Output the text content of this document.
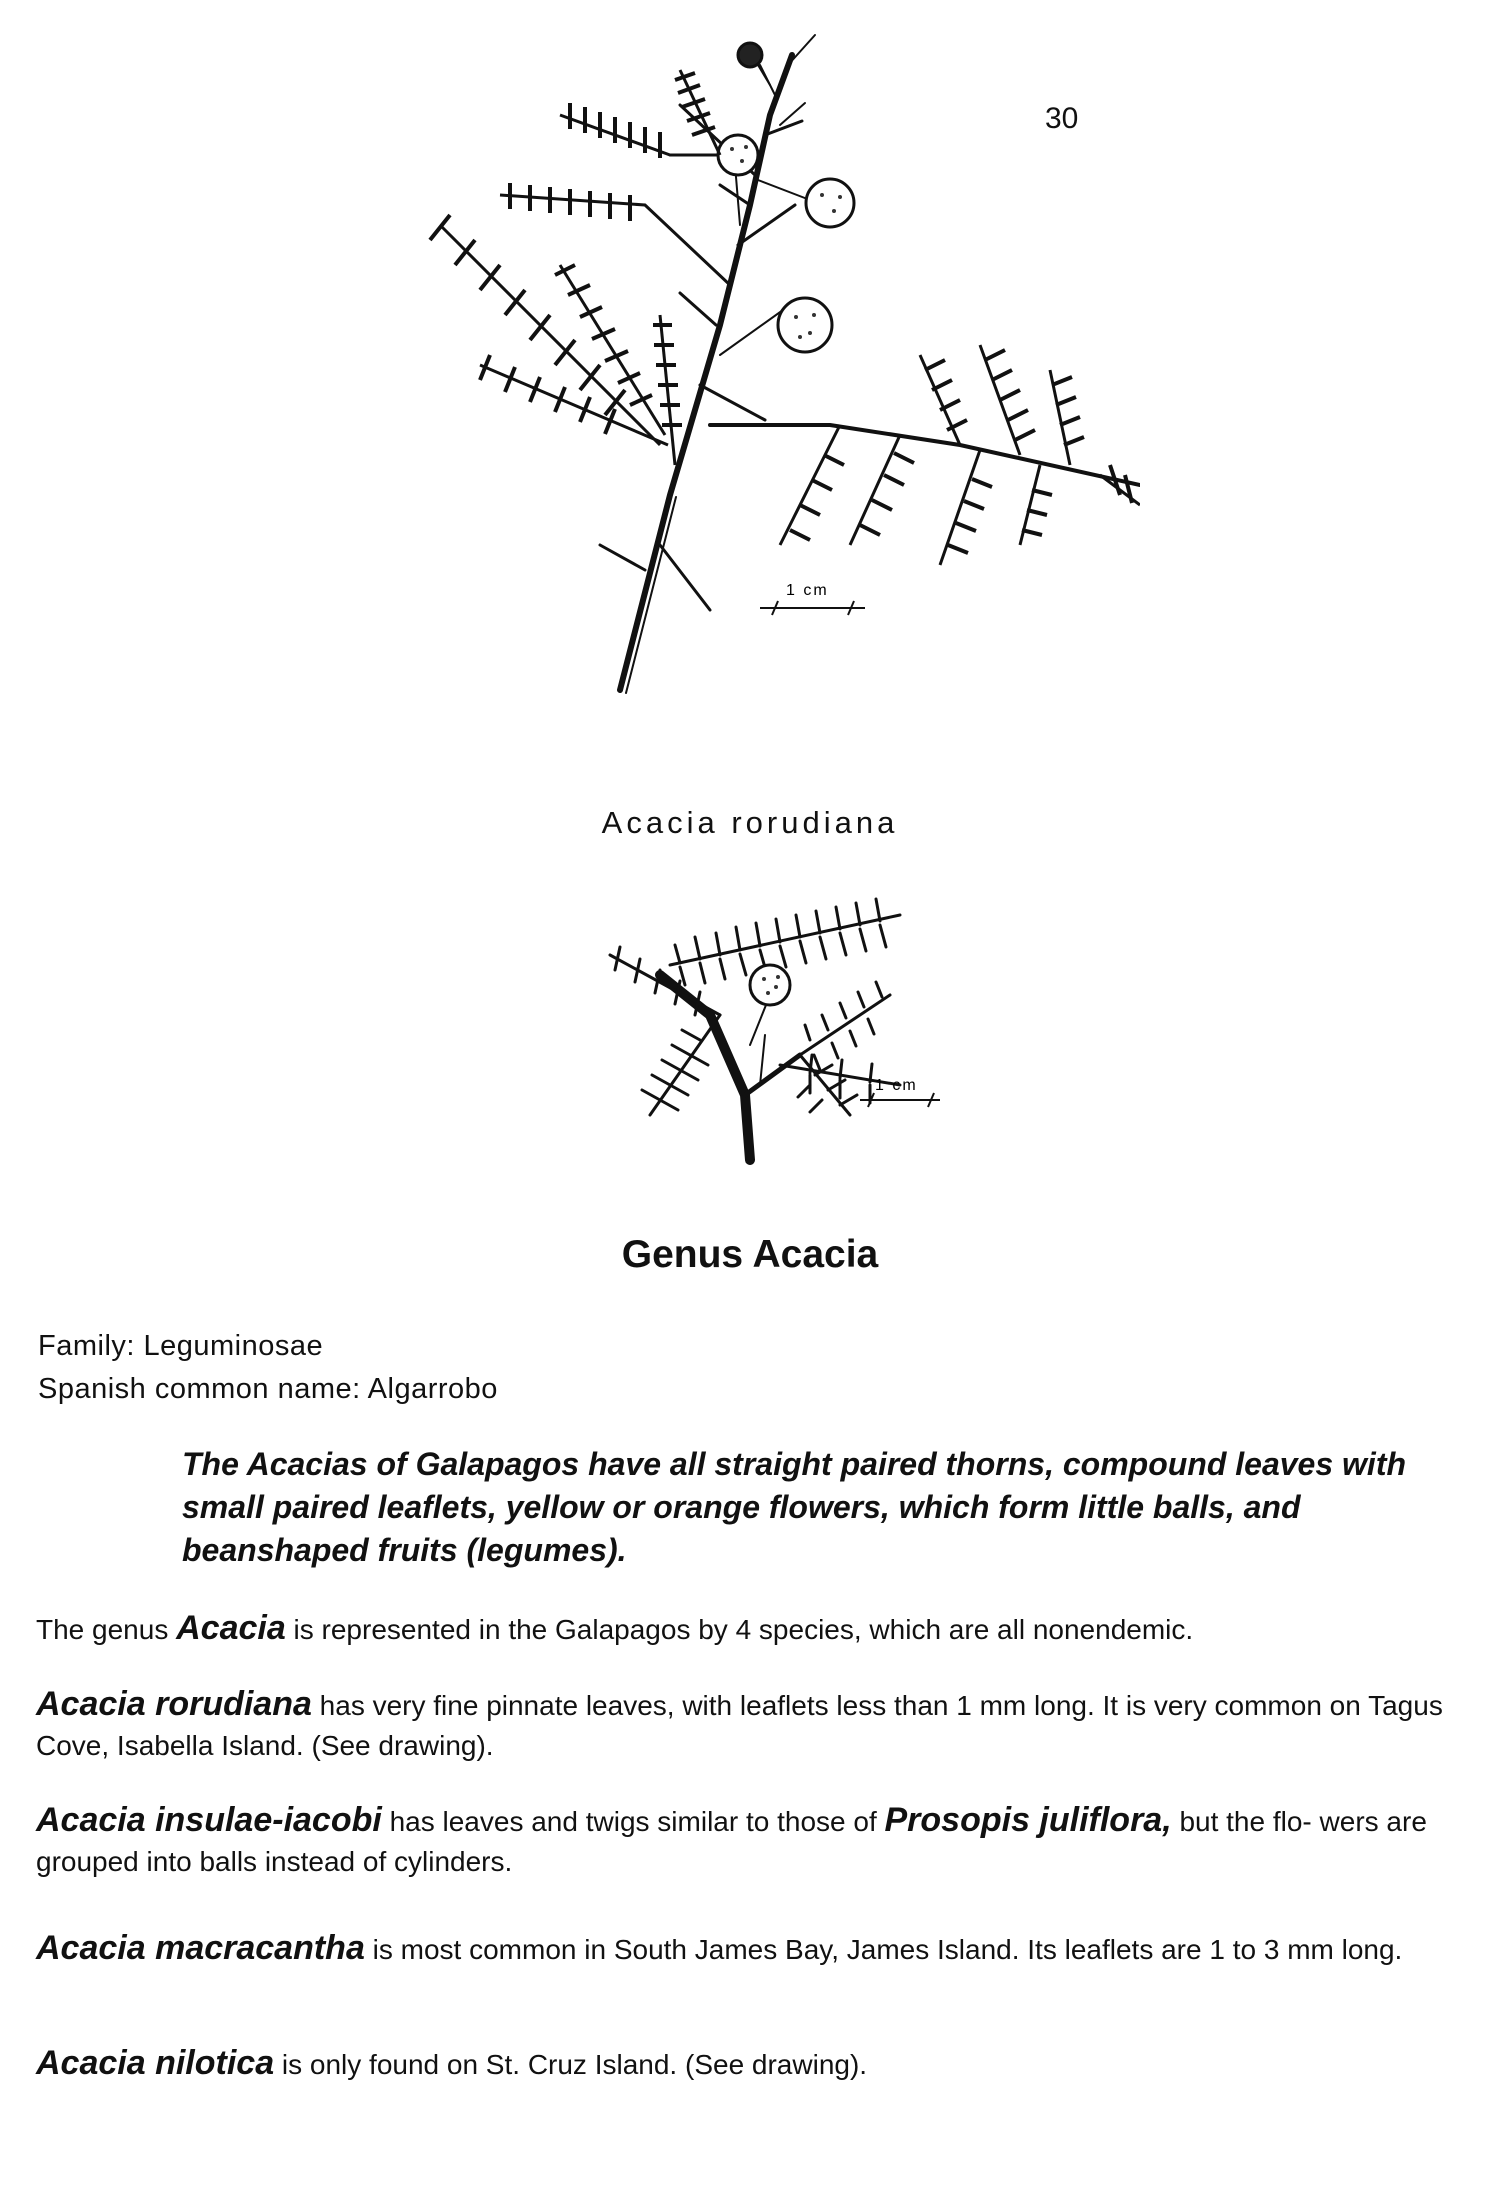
30
1 cm
Acacia rorudiana
1 cm
Genus Acacia
Family: Leguminosae
Spanish common name: Algarrobo
The Acacias of Galapagos have all straight paired thorns, compound leaves with small paired leaflets, yellow or orange flowers, which form little balls, and beanshaped fruits (legumes).
The genus Acacia is represented in the Galapagos by 4 species, which are all nonendemic.
Acacia rorudiana has very fine pinnate leaves, with leaflets less than 1 mm long. It is very common on Tagus Cove, Isabella Island. (See drawing).
Acacia insulae-iacobi has leaves and twigs similar to those of Prosopis juliflora, but the flo- wers are grouped into balls instead of cylinders.
Acacia macracantha is most common in South James Bay, James Island. Its leaflets are 1 to 3 mm long.
Acacia nilotica is only found on St. Cruz Island. (See drawing).
